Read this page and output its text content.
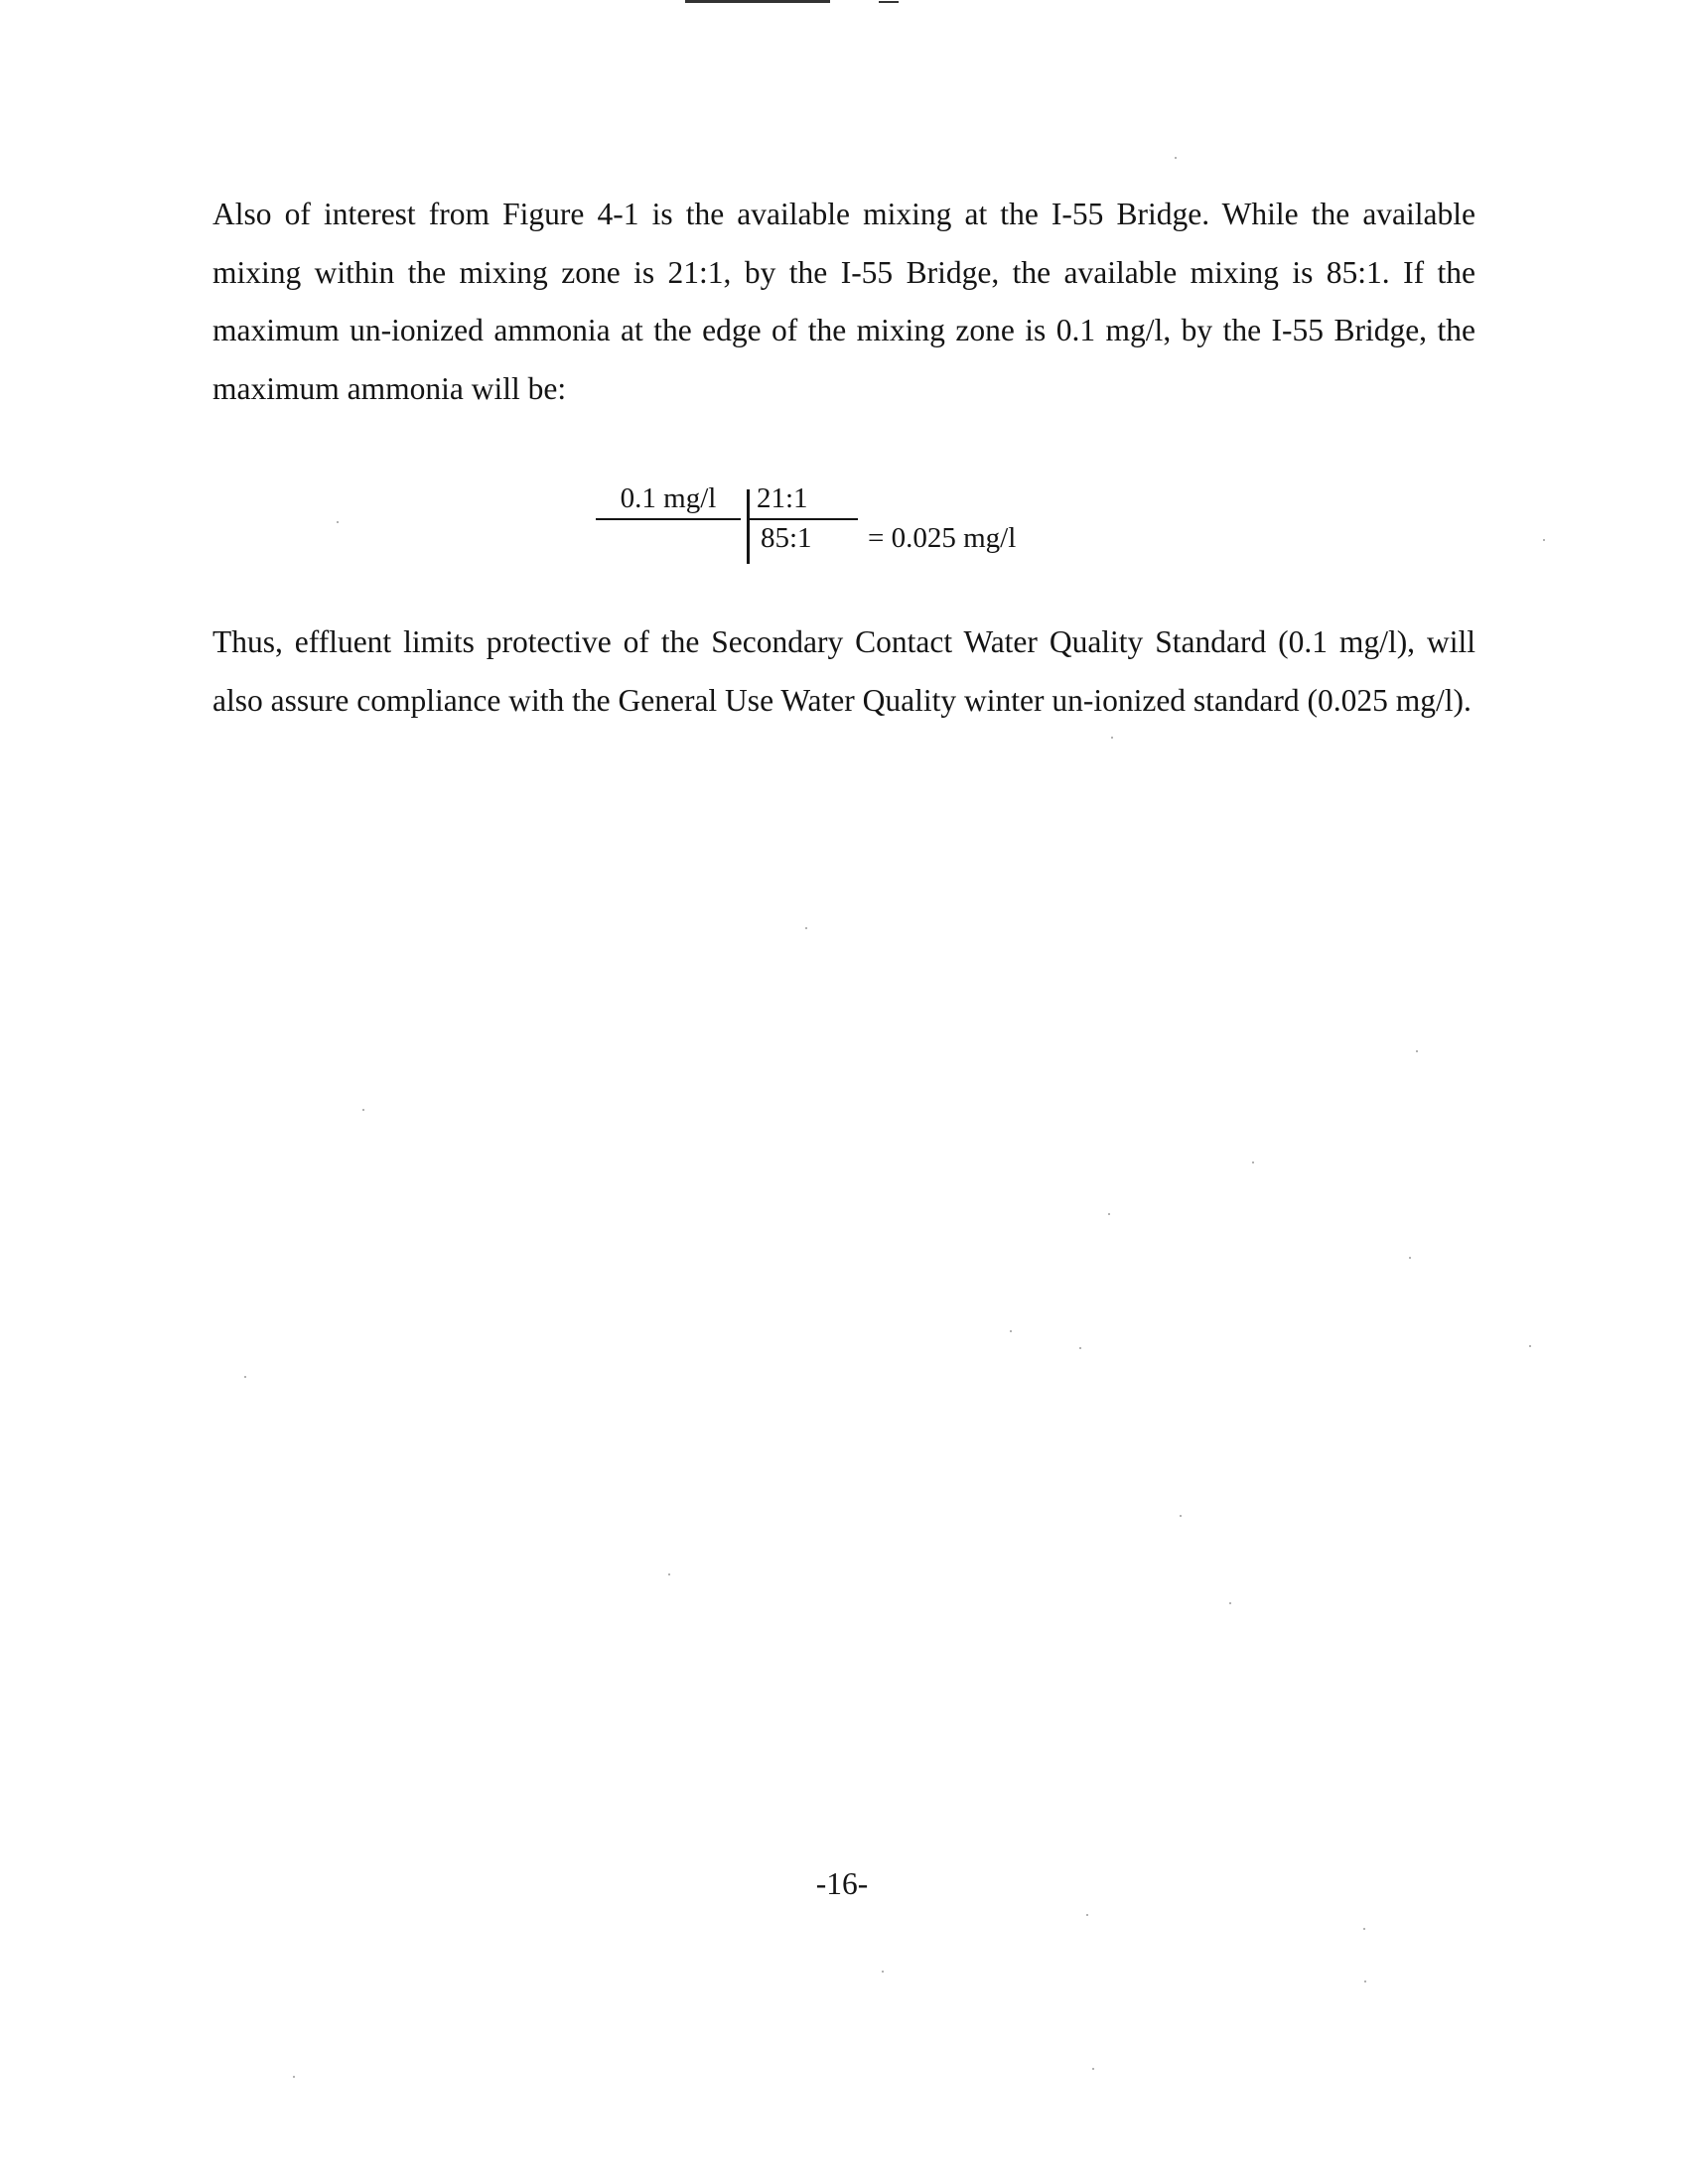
Also of interest from Figure 4-1 is the available mixing at the I-55 Bridge. While the available
mixing within the mixing zone is 21:1, by the I-55 Bridge, the available mixing is 85:1. If the
maximum un-ionized ammonia at the edge of the mixing zone is 0.1 mg/l, by the I-55 Bridge, the
maximum ammonia will be:

0.1 mg/l	21:1
85:1 = 0.025 mg/l

Thus, effluent limits protective of the Secondary Contact Water Quality Standard (0.1 mg/l), will
also assure compliance with the General Use Water Quality winter un-ionized standard (0.025 mg/l).

-16-
